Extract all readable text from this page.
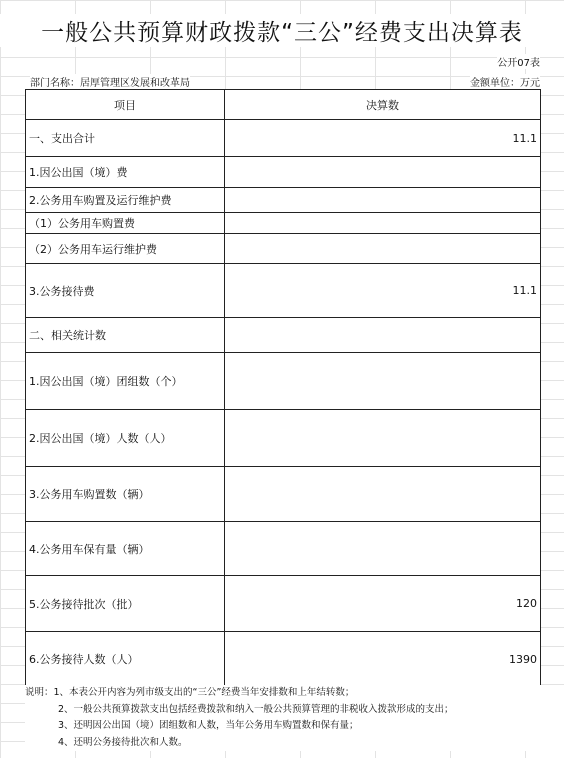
一般公共预算财政拨款“三公”经费支出决算表
公开07表
部门名称：居厚管理区发展和改革局	金额单位：万元
项目	决算数
一、支出合计	11.1
1.因公出国（境）费	
2.公务用车购置及运行维护费	
（1）公务用车购置费	
（2）公务用车运行维护费	
3.公务接待费	11.1
二、相关统计数	
1.因公出国（境）团组数（个）	
2.因公出国（境）人数（人）	
3.公务用车购置数（辆）	
4.公务用车保有量（辆）	
5.公务接待批次（批）	120
6.公务接待人数（人）	1390
说明：1、本表公开内容为列市级支出的“三公”经费当年安排数和上年结转数；
2、一般公共预算拨款支出包括经费拨款和纳入一般公共预算管理的非税收入拨款形成的支出；
3、还明因公出国（境）团组数和人数，当年公务用车购置数和保有量；
4、还明公务接待批次和人数。
